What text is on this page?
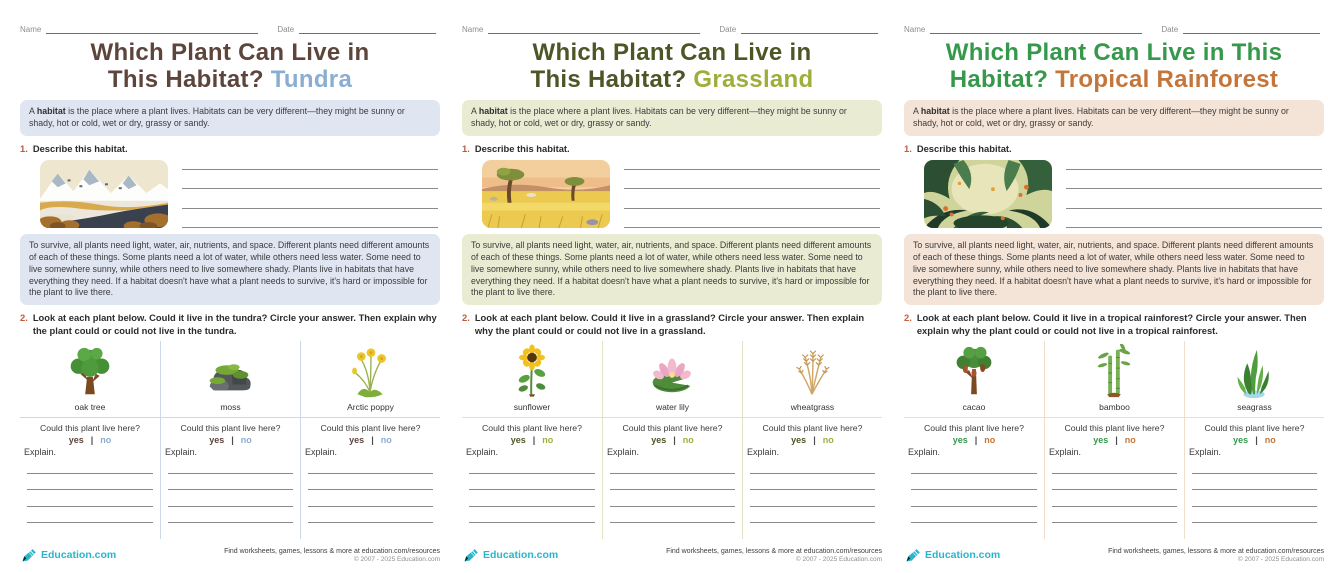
Name	Date
Which Plant Can Live in
This Habitat? Tundra
A habitat is the place where a plant lives. Habitats can be very different—they might be sunny or shady, hot or cold, wet or dry, grassy or sandy.
1. Describe this habitat.
To survive, all plants need light, water, air, nutrients, and space. Different plants need different amounts of each of these things. Some plants need a lot of water, while others need less water. Some need to live somewhere sunny, while others need to live somewhere shady. Plants live in habitats that have everything they need. If a habitat doesn't have what a plant needs to survive, it's hard or impossible for the plant to live there.
2. Look at each plant below. Could it live in the tundra? Circle your answer. Then explain why the plant could or could not live in the tundra.
oak tree
Could this plant live here?
yes | no
Explain.
moss
Could this plant live here?
yes | no
Explain.
Arctic poppy
Could this plant live here?
yes | no
Explain.
Education.com	Find worksheets, games, lessons & more at education.com/resources
© 2007 - 2025 Education.com
Name	Date
Which Plant Can Live in
This Habitat? Grassland
A habitat is the place where a plant lives. Habitats can be very different—they might be sunny or shady, hot or cold, wet or dry, grassy or sandy.
1. Describe this habitat.
To survive, all plants need light, water, air, nutrients, and space. Different plants need different amounts of each of these things. Some plants need a lot of water, while others need less water. Some need to live somewhere sunny, while others need to live somewhere shady. Plants live in habitats that have everything they need. If a habitat doesn't have what a plant needs to survive, it's hard or impossible for the plant to live there.
2. Look at each plant below. Could it live in a grassland? Circle your answer. Then explain why the plant could or could not live in a grassland.
sunflower
Could this plant live here?
yes | no
Explain.
water lily
Could this plant live here?
yes | no
Explain.
wheatgrass
Could this plant live here?
yes | no
Explain.
Education.com	Find worksheets, games, lessons & more at education.com/resources
© 2007 - 2025 Education.com
Name	Date
Which Plant Can Live in This
Habitat? Tropical Rainforest
A habitat is the place where a plant lives. Habitats can be very different—they might be sunny or shady, hot or cold, wet or dry, grassy or sandy.
1. Describe this habitat.
To survive, all plants need light, water, air, nutrients, and space. Different plants need different amounts of each of these things. Some plants need a lot of water, while others need less water. Some need to live somewhere sunny, while others need to live somewhere shady. Plants live in habitats that have everything they need. If a habitat doesn't have what a plant needs to survive, it's hard or impossible for the plant to live there.
2. Look at each plant below. Could it live in a tropical rainforest? Circle your answer. Then explain why the plant could or could not live in a tropical rainforest.
cacao
Could this plant live here?
yes | no
Explain.
bamboo
Could this plant live here?
yes | no
Explain.
seagrass
Could this plant live here?
yes | no
Explain.
Education.com	Find worksheets, games, lessons & more at education.com/resources
© 2007 - 2025 Education.com
